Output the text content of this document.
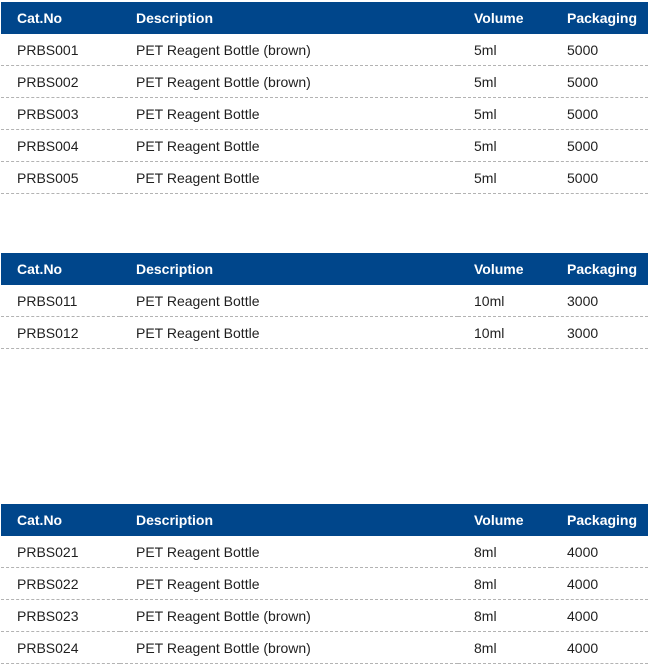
Cat.No	Description	Volume	Packaging
PRBS001	PET Reagent Bottle (brown)	5ml	5000
PRBS002	PET Reagent Bottle (brown)	5ml	5000
PRBS003	PET Reagent Bottle	5ml	5000
PRBS004	PET Reagent Bottle	5ml	5000
PRBS005	PET Reagent Bottle	5ml	5000
Cat.No	Description	Volume	Packaging
PRBS011	PET Reagent Bottle	10ml	3000
PRBS012	PET Reagent Bottle	10ml	3000
Cat.No	Description	Volume	Packaging
PRBS021	PET Reagent Bottle	8ml	4000
PRBS022	PET Reagent Bottle	8ml	4000
PRBS023	PET Reagent Bottle (brown)	8ml	4000
PRBS024	PET Reagent Bottle (brown)	8ml	4000
